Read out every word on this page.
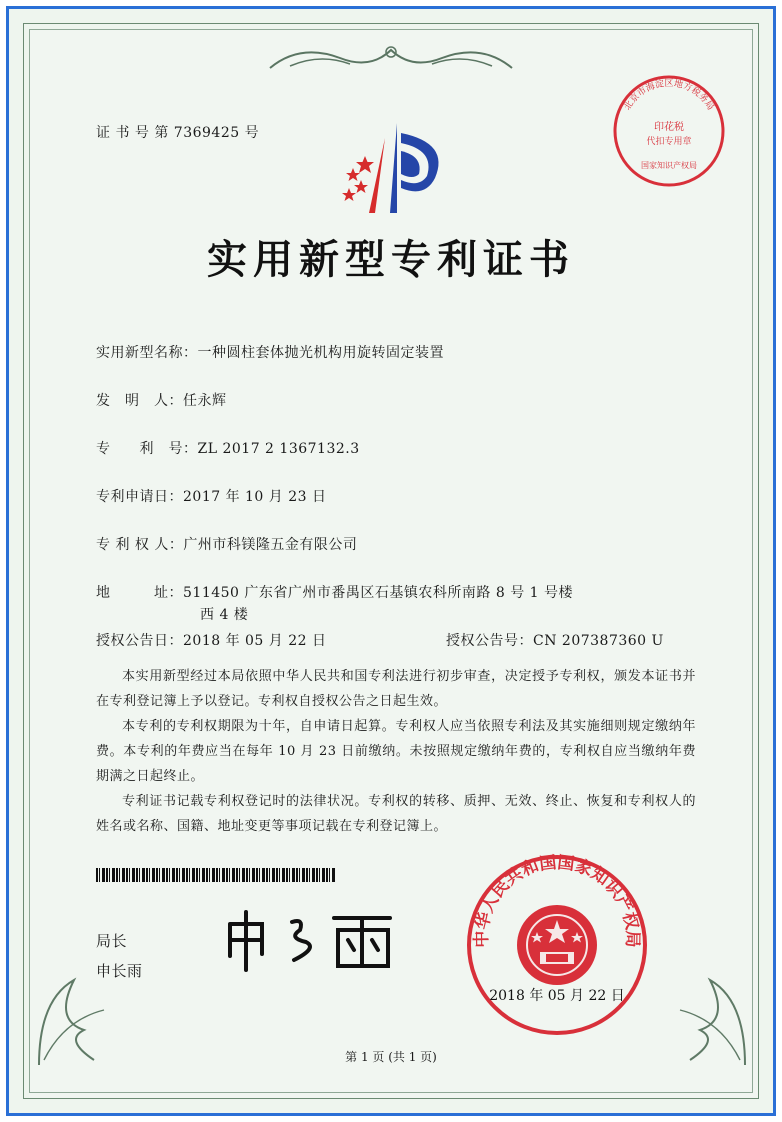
北京市海淀区地方税务局
印花税
代扣专用章
国家知识产权局
证 书 号 第 7369425 号
实用新型专利证书
实用新型名称：一种圆柱套体抛光机构用旋转固定装置
发　明　人：任永辉
专　　利　号：ZL 2017 2 1367132.3
专利申请日：2017 年 10 月 23 日
专 利 权 人：广州市科镁隆五金有限公司
地　　　址：511450 广东省广州市番禺区石基镇农科所南路 8 号 1 号楼
西 4 楼
授权公告日：2018 年 05 月 22 日	授权公告号：CN 207387360 U

本实用新型经过本局依照中华人民共和国专利法进行初步审查，决定授予专利权，颁发本证书并在专利登记簿上予以登记。专利权自授权公告之日起生效。

本专利的专利权期限为十年，自申请日起算。专利权人应当依照专利法及其实施细则规定缴纳年费。本专利的年费应当在每年 10 月 23 日前缴纳。未按照规定缴纳年费的，专利权自应当缴纳年费期满之日起终止。

专利证书记载专利权登记时的法律状况。专利权的转移、质押、无效、终止、恢复和专利权人的姓名或名称、国籍、地址变更等事项记载在专利登记簿上。

局长
申长雨
中华人民共和国国家知识产权局
2018 年 05 月 22 日
第 1 页 (共 1 页)
